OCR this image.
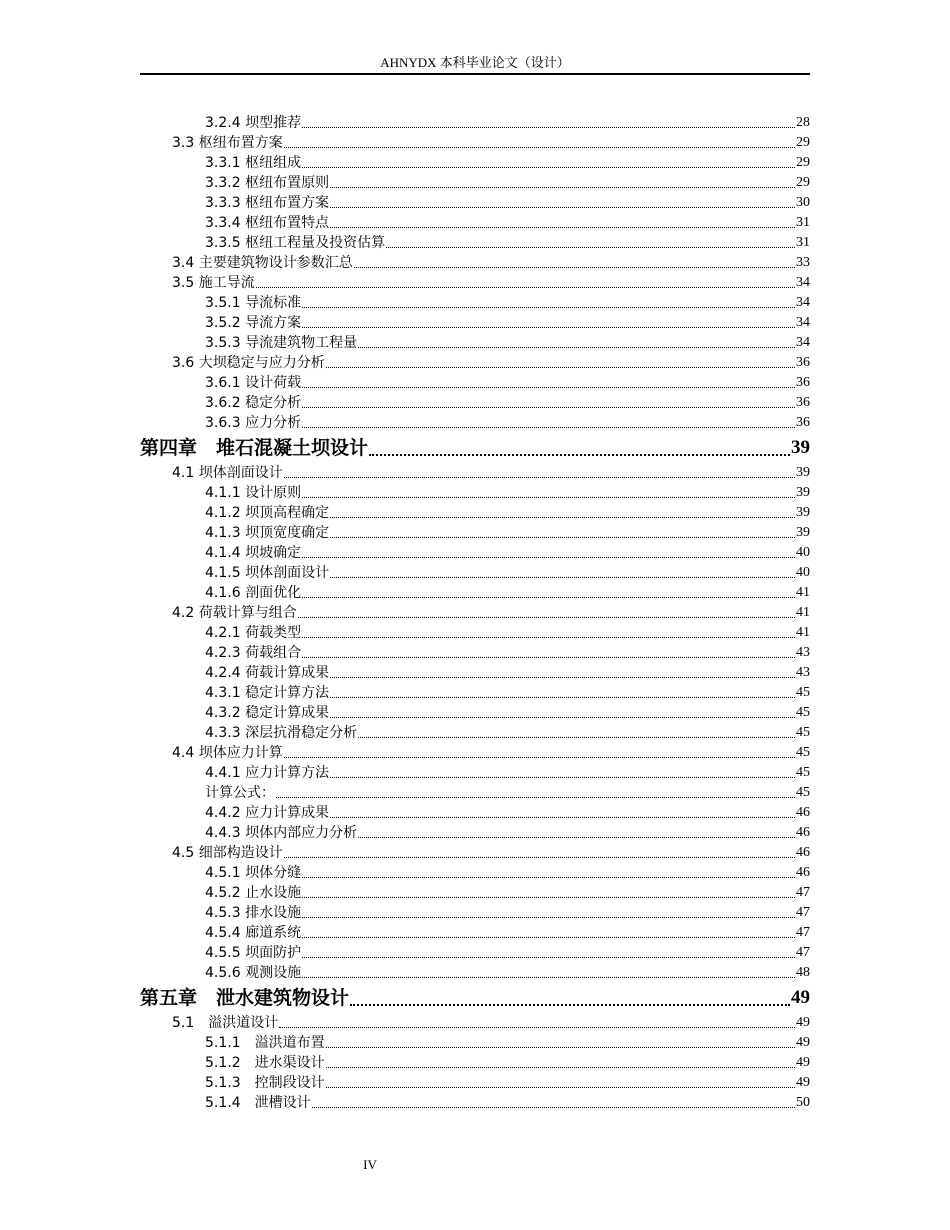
AHNYDX 本科毕业论文（设计）
3.2.4 坝型推荐	28
3.3 枢纽布置方案	29
3.3.1 枢纽组成	29
3.3.2 枢纽布置原则	29
3.3.3 枢纽布置方案	30
3.3.4 枢纽布置特点	31
3.3.5 枢纽工程量及投资估算	31
3.4 主要建筑物设计参数汇总	33
3.5 施工导流	34
3.5.1 导流标准	34
3.5.2 导流方案	34
3.5.3 导流建筑物工程量	34
3.6 大坝稳定与应力分析	36
3.6.1 设计荷载	36
3.6.2 稳定分析	36
3.6.3 应力分析	36
第四章　堆石混凝土坝设计	39
4.1 坝体剖面设计	39
4.1.1 设计原则	39
4.1.2 坝顶高程确定	39
4.1.3 坝顶宽度确定	39
4.1.4 坝坡确定	40
4.1.5 坝体剖面设计	40
4.1.6 剖面优化	41
4.2 荷载计算与组合	41
4.2.1 荷载类型	41
4.2.3 荷载组合	43
4.2.4 荷载计算成果	43
4.3.1 稳定计算方法	45
4.3.2 稳定计算成果	45
4.3.3 深层抗滑稳定分析	45
4.4 坝体应力计算	45
4.4.1 应力计算方法	45
计算公式：	45
4.4.2 应力计算成果	46
4.4.3 坝体内部应力分析	46
4.5 细部构造设计	46
4.5.1 坝体分缝	46
4.5.2 止水设施	47
4.5.3 排水设施	47
4.5.4 廊道系统	47
4.5.5 坝面防护	47
4.5.6 观测设施	48
第五章　泄水建筑物设计	49
5.1　溢洪道设计	49
5.1.1　溢洪道布置	49
5.1.2　进水渠设计	49
5.1.3　控制段设计	49
5.1.4　泄槽设计	50
IV
